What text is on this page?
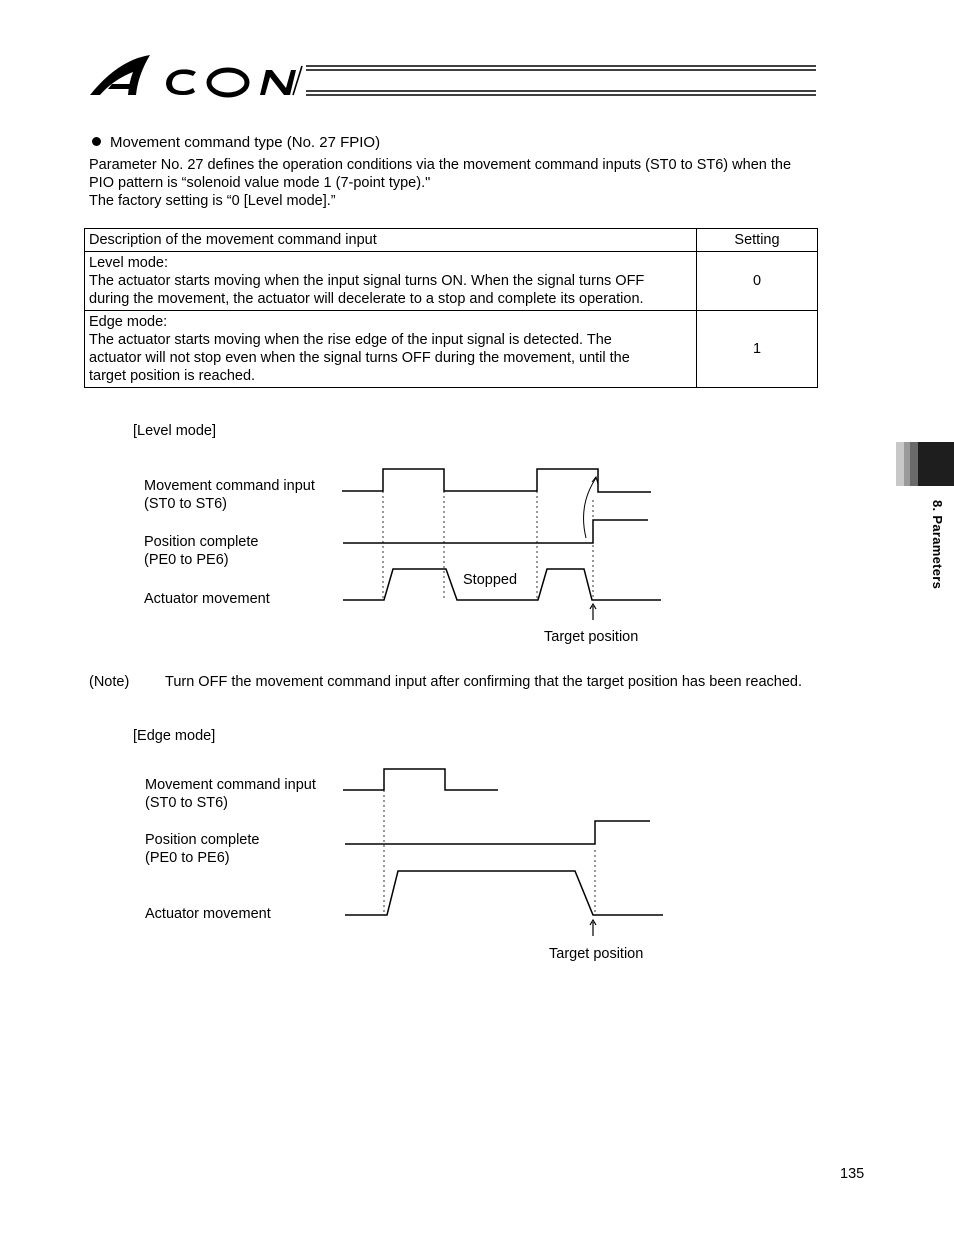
Movement command type (No. 27 FPIO)
Parameter No. 27 defines the operation conditions via the movement command inputs (ST0 to ST6) when the
PIO pattern is “solenoid value mode 1 (7-point type)."
The factory setting is “0 [Level mode].”
Description of the movement command input	Setting

Level mode:
The actuator starts moving when the input signal turns ON. When the signal turns OFF
during the movement, the actuator will decelerate to a stop and complete its operation.	0

Edge mode:
The actuator starts moving when the rise edge of the input signal is detected. The
actuator will not stop even when the signal turns OFF during the movement, until the
target position is reached.	1
[Level mode]
Movement command input
(ST0 to ST6)
Position complete
(PE0 to PE6)
Actuator movement
Stopped
Target position
(Note) Turn OFF the movement command input after confirming that the target position has been reached.
[Edge mode]
Movement command input
(ST0 to ST6)
Position complete
(PE0 to PE6)
Actuator movement
Target position
8. Parameters
135
